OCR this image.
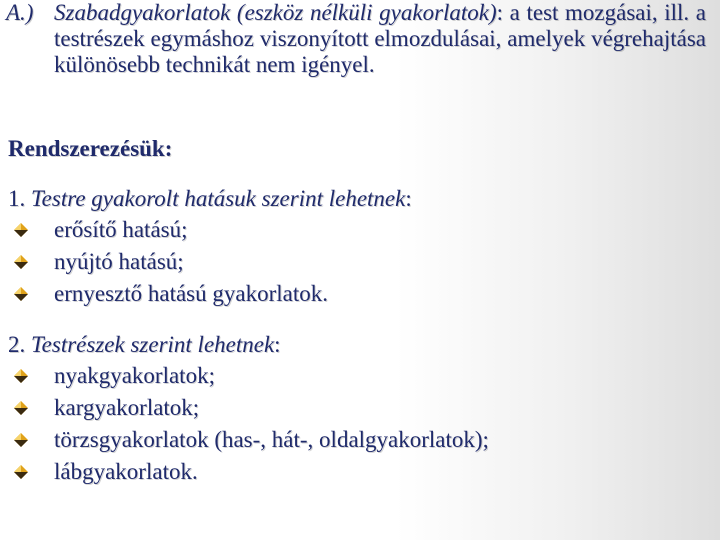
A.) Szabadgyakorlatok (eszköz nélküli gyakorlatok): a test mozgásai, ill. a testrészek egymáshoz viszonyított elmozdulásai, amelyek végrehajtása különösebb technikát nem igényel.
Rendszerezésük:
1. Testre gyakorolt hatásuk szerint lehetnek:
erősítő hatású;
nyújtó hatású;
ernyesztő hatású gyakorlatok.
2. Testrészek szerint lehetnek:
nyakgyakorlatok;
kargyakorlatok;
törzsgyakorlatok (has-, hát-, oldalgyakorlatok);
lábgyakorlatok.
